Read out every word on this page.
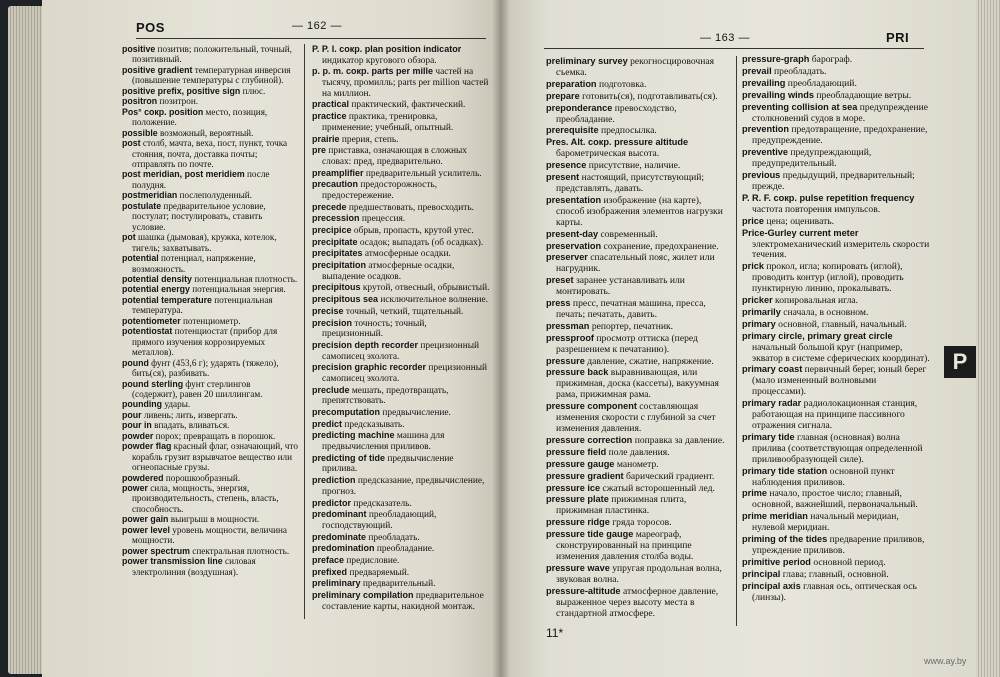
POS	— 162 —
positive позитив; положительный, точный, позитивный.
positive gradient температурная инверсия (повышение температуры с глубиной).
positive prefix, positive sign плюс.
positron позитрон.
Pos° сокр. position место, позиция, положение.
possible возможный, вероятный.
post столб, мачта, веха, пост, пункт, точка стояния, почта, доставка почты; отправлять по почте.
post meridian, post meridiem после полудня.
postmeridian послеполуденный.
postulate предварительное условие, постулат; постулировать, ставить условие.
pot шашка (дымовая), кружка, котелок, тигель; захватывать.
potential потенциал, напряжение, возможность.
potential density потенциальная плотность.
potential energy потенциальная энергия.
potential temperature потенциальная температура.
potentiometer потенциометр.
potentiostat потенциостат (прибор для прямого изучения коррозируемых металлов).
pound фунт (453,6 г); ударять (тяжело), бить(ся), разбивать.
pound sterling фунт стерлингов (содержит), равен 20 шиллингам.
pounding удары.
pour ливень; лить, извергать.
pour in впадать, вливаться.
powder порох; превращать в порошок.
powder flag красный флаг, означающий, что корабль грузит взрывчатое вещество или огнеопасные грузы.
powdered порошкообразный.
power сила, мощность, энергия, производительность, степень, власть, способность.
power gain выигрыш в мощности.
power level уровень мощности, величина мощности.
power spectrum спектральная плотность.
power transmission line силовая электролиния (воздушная).
P. P. I. сокр. plan position indicator индикатор кругового обзора.
p. p. m. сокр. parts per mille частей на тысячу, промилль; parts per million частей на миллион.
practical практический, фактический.
practice практика, тренировка, применение; учебный, опытный.
prairie прерия, степь.
pre приставка, означающая в сложных словах: пред, предварительно.
preamplifier предварительный усилитель.
precaution предосторожность, предостережение.
precede предшествовать, превосходить.
precession прецессия.
precipice обрыв, пропасть, крутой утес.
precipitate осадок; выпадать (об осадках).
precipitates атмосферные осадки.
precipitation атмосферные осадки, выпадение осадков.
precipitous крутой, отвесный, обрывистый.
precipitous sea исключительное волнение.
precise точный, четкий, тщательный.
precision точность; точный, прецизионный.
precision depth recorder прецизионный самописец эхолота.
precision graphic recorder прецизионный самописец эхолота.
preclude мешать, предотвращать, препятствовать.
precomputation предвычисление.
predict предсказывать.
predicting machine машина для предвычисления приливов.
predicting of tide предвычисление прилива.
prediction предсказание, предвычисление, прогноз.
predictor предсказатель.
predominant преобладающий, господствующий.
predominate преобладать.
predomination преобладание.
preface предисловие.
prefixed предваряемый.
preliminary предварительный.
preliminary compilation предварительное составление карты, накидной монтаж.
— 163 —	PRI
preliminary survey рекогносцировочная съемка.
preparation подготовка.
prepare готовить(ся), подготавливать(ся).
preponderance превосходство, преобладание.
prerequisite предпосылка.
Pres. Alt. сокр. pressure altitude барометрическая высота.
presence присутствие, наличие.
present настоящий, присутствующий; представлять, давать.
presentation изображение (на карте), способ изображения элементов нагрузки карты.
present-day современный.
preservation сохранение, предохранение.
preserver спасательный пояс, жилет или нагрудник.
preset заранее устанавливать или монтировать.
press пресс, печатная машина, пресса, печать; печатать, давить.
pressman репортер, печатник.
pressproof просмотр оттиска (перед разрешением к печатанию).
pressure давление, сжатие, напряжение.
pressure back выравнивающая, или прижимная, доска (кассеты), вакуумная рама, прижимная рама.
pressure component составляющая изменения скорости с глубиной за счет изменения давления.
pressure correction поправка за давление.
pressure field поле давления.
pressure gauge манометр.
pressure gradient барический градиент.
pressure ice сжатый всторошенный лед.
pressure plate прижимная плита, прижимная пластинка.
pressure ridge гряда торосов.
pressure tide gauge мареограф, сконструированный на принципе изменения давления столба воды.
pressure wave упругая продольная волна, звуковая волна.
pressure-altitude атмосферное давление, выраженное через высоту места в стандартной атмосфере.
pressure-graph барограф.
prevail преобладать.
prevailing преобладающий.
prevailing winds преобладающие ветры.
preventing collision at sea предупреждение столкновений судов в море.
prevention предотвращение, предохранение, предупреждение.
preventive предупреждающий, предупредительный.
previous предыдущий, предварительный; прежде.
P. R. F. сокр. pulse repetition frequency частота повторения импульсов.
price цена; оценивать.
Price-Gurley current meter электромеханический измеритель скорости течения.
prick прокол, игла; копировать (иглой), проводить контур (иглой), проводить пунктирную линию, прокалывать.
pricker копировальная игла.
primarily сначала, в основном.
primary основной, главный, начальный.
primary circle, primary great circle начальный большой круг (например, экватор в системе сферических координат).
primary coast первичный берег, юный берег (мало измененный волновыми процессами).
primary radar радиолокационная станция, работающая на принципе пассивного отражения сигнала.
primary tide главная (основная) волна прилива (соответствующая определенной приливообразующей силе).
primary tide station основной пункт наблюдения приливов.
prime начало, простое число; главный, основной, важнейший, первоначальный.
prime meridian начальный меридиан, нулевой меридиан.
priming of the tides предварение приливов, упреждение приливов.
primitive period основной период.
principal глава; главный, основной.
principal axis главная ось, оптическая ось (линзы).
11*
P
www.ay.by
